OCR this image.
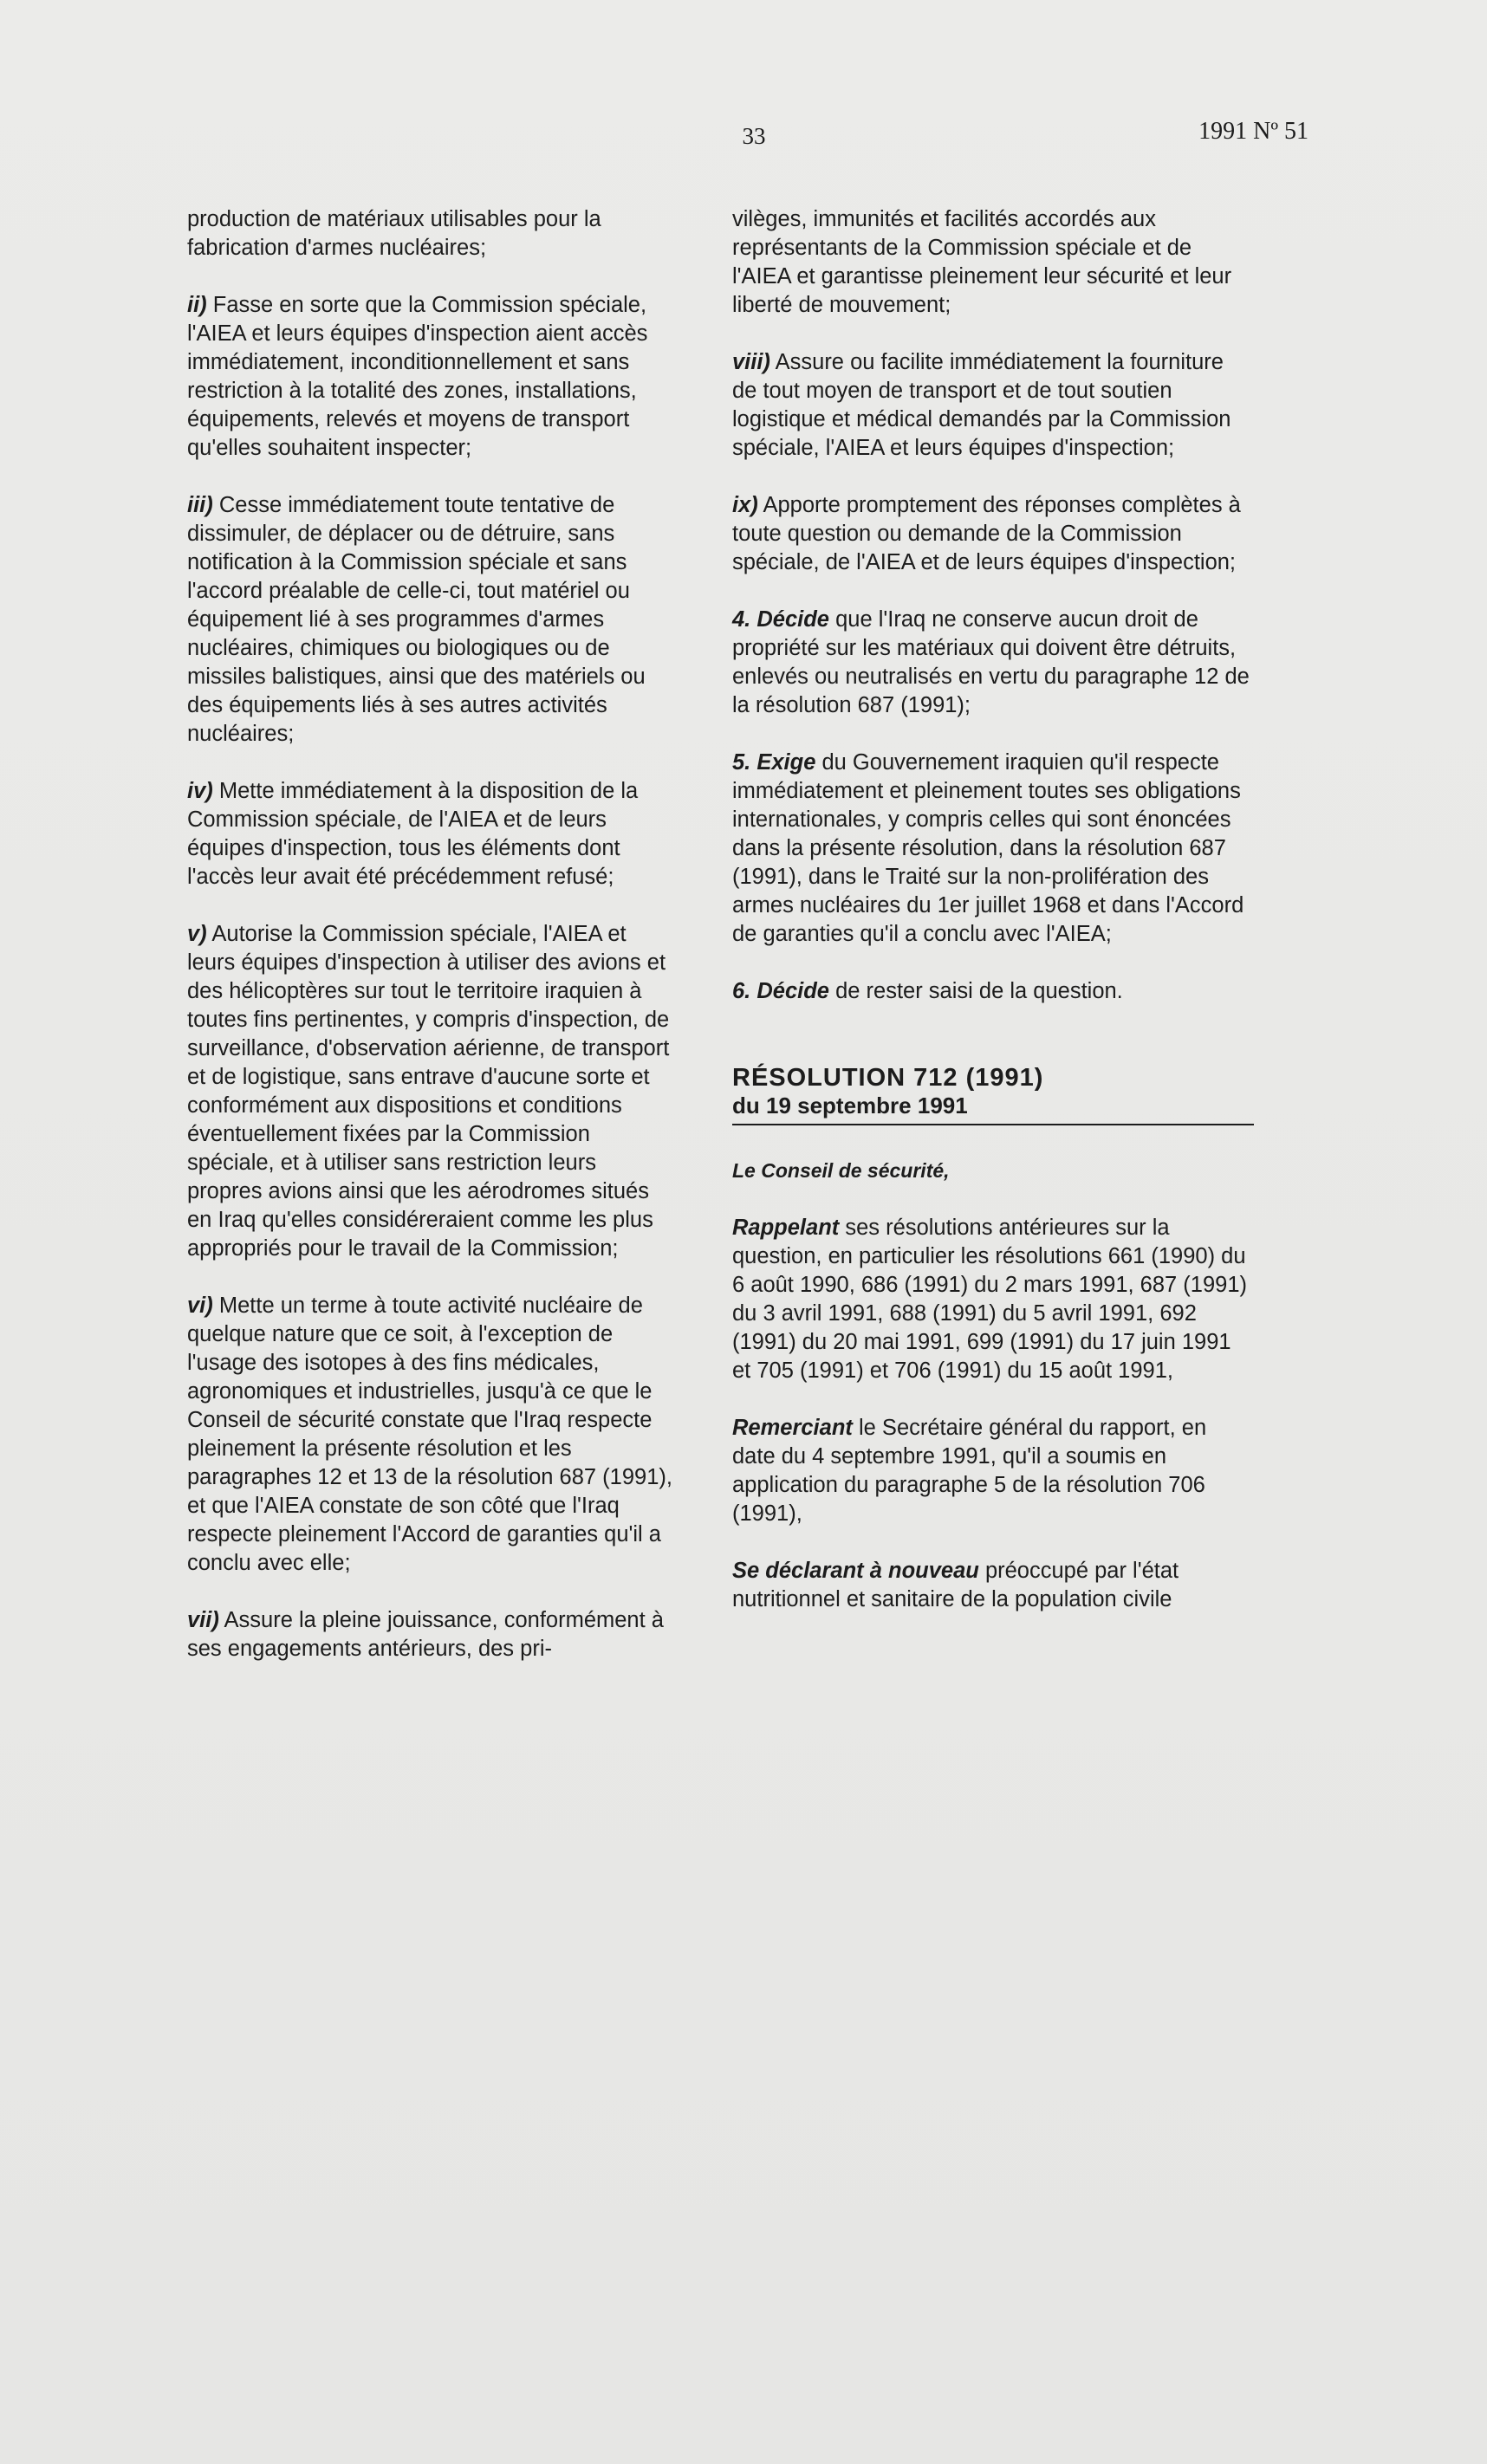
33	1991 Nº 51

production de matériaux utilisables pour la fabrication d'armes nucléaires;

ii) Fasse en sorte que la Commission spéciale, l'AIEA et leurs équipes d'inspection aient accès immédiatement, inconditionnellement et sans restriction à la totalité des zones, installations, équipements, relevés et moyens de transport qu'elles souhaitent inspecter;

iii) Cesse immédiatement toute tentative de dissimuler, de déplacer ou de détruire, sans notification à la Commission spéciale et sans l'accord préalable de celle-ci, tout matériel ou équipement lié à ses programmes d'armes nucléaires, chimiques ou biologiques ou de missiles balistiques, ainsi que des matériels ou des équipements liés à ses autres activités nucléaires;

iv) Mette immédiatement à la disposition de la Commission spéciale, de l'AIEA et de leurs équipes d'inspection, tous les éléments dont l'accès leur avait été précédemment refusé;

v) Autorise la Commission spéciale, l'AIEA et leurs équipes d'inspection à utiliser des avions et des hélicoptères sur tout le territoire iraquien à toutes fins pertinentes, y compris d'inspection, de surveillance, d'observation aérienne, de transport et de logistique, sans entrave d'aucune sorte et conformément aux dispositions et conditions éventuellement fixées par la Commission spéciale, et à utiliser sans restriction leurs propres avions ainsi que les aérodromes situés en Iraq qu'elles considéreraient comme les plus appropriés pour le travail de la Commission;

vi) Mette un terme à toute activité nucléaire de quelque nature que ce soit, à l'exception de l'usage des isotopes à des fins médicales, agronomiques et industrielles, jusqu'à ce que le Conseil de sécurité constate que l'Iraq respecte pleinement la présente résolution et les paragraphes 12 et 13 de la résolution 687 (1991), et que l'AIEA constate de son côté que l'Iraq respecte pleinement l'Accord de garanties qu'il a conclu avec elle;

vii) Assure la pleine jouissance, conformément à ses engagements antérieurs, des pri-

vilèges, immunités et facilités accordés aux représentants de la Commission spéciale et de l'AIEA et garantisse pleinement leur sécurité et leur liberté de mouvement;

viii) Assure ou facilite immédiatement la fourniture de tout moyen de transport et de tout soutien logistique et médical demandés par la Commission spéciale, l'AIEA et leurs équipes d'inspection;

ix) Apporte promptement des réponses complètes à toute question ou demande de la Commission spéciale, de l'AIEA et de leurs équipes d'inspection;

4. Décide que l'Iraq ne conserve aucun droit de propriété sur les matériaux qui doivent être détruits, enlevés ou neutralisés en vertu du paragraphe 12 de la résolution 687 (1991);

5. Exige du Gouvernement iraquien qu'il respecte immédiatement et pleinement toutes ses obligations internationales, y compris celles qui sont énoncées dans la présente résolution, dans la résolution 687 (1991), dans le Traité sur la non-prolifération des armes nucléaires du 1er juillet 1968 et dans l'Accord de garanties qu'il a conclu avec l'AIEA;

6. Décide de rester saisi de la question.

RÉSOLUTION 712 (1991)

du 19 septembre 1991

Le Conseil de sécurité,

Rappelant ses résolutions antérieures sur la question, en particulier les résolutions 661 (1990) du 6 août 1990, 686 (1991) du 2 mars 1991, 687 (1991) du 3 avril 1991, 688 (1991) du 5 avril 1991, 692 (1991) du 20 mai 1991, 699 (1991) du 17 juin 1991 et 705 (1991) et 706 (1991) du 15 août 1991,

Remerciant le Secrétaire général du rapport, en date du 4 septembre 1991, qu'il a soumis en application du paragraphe 5 de la résolution 706 (1991),

Se déclarant à nouveau préoccupé par l'état nutritionnel et sanitaire de la population civile
